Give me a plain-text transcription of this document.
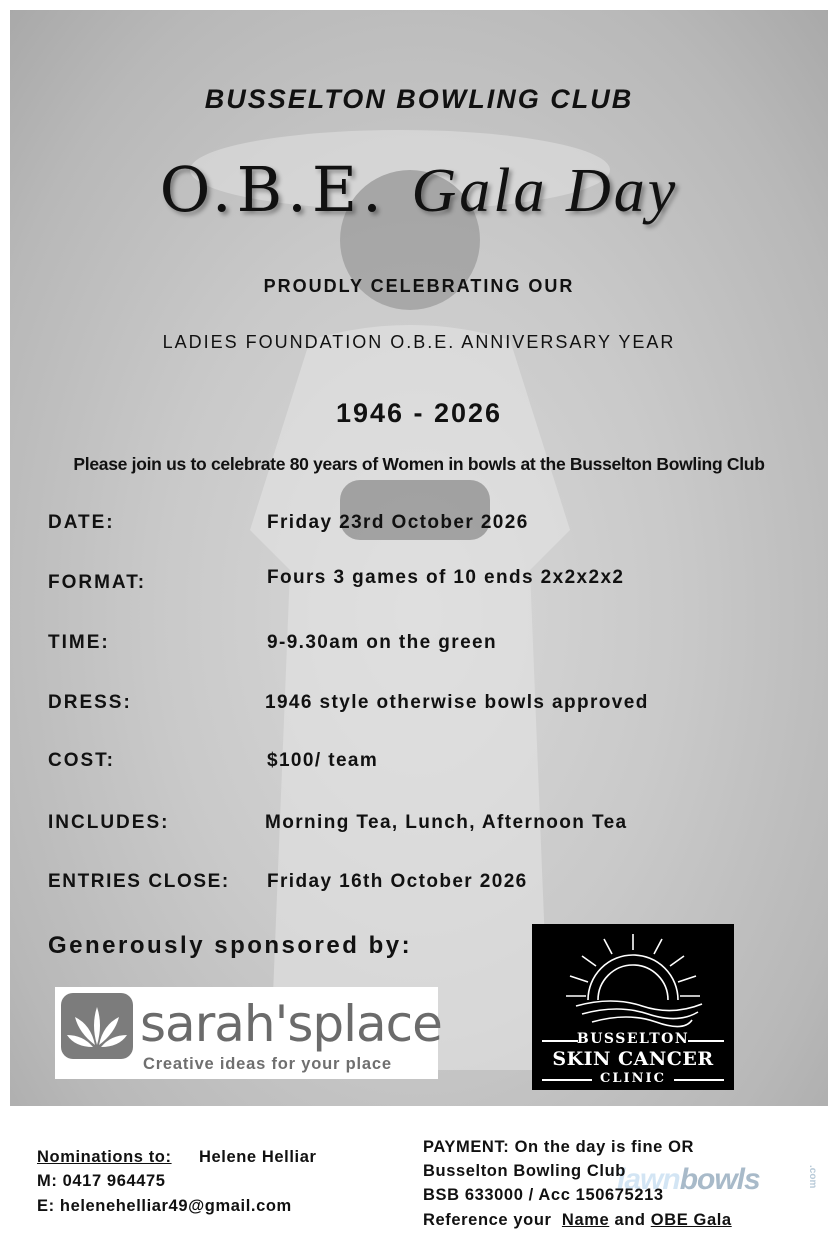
BUSSELTON BOWLING CLUB
O.B.E. Gala Day
PROUDLY CELEBRATING OUR
LADIES FOUNDATION O.B.E. ANNIVERSARY YEAR
1946 - 2026
Please join us to celebrate 80 years of Women in bowls at the Busselton Bowling Club
DATE:	Friday 23rd October 2026
FORMAT:	Fours 3 games of 10 ends 2x2x2x2
TIME:	9-9.30am on the green
DRESS:	1946 style otherwise bowls approved
COST:	$100/ team
INCLUDES:	Morning Tea, Lunch, Afternoon Tea
ENTRIES CLOSE: Friday 16th October 2026
Generously sponsored by:
sarah'splace
Creative ideas for your place
BUSSELTON
SKIN CANCER
CLINIC
lawnbowls	.com
Nominations to: Helene Helliar
M: 0417 964475
E: helenehelliar49@gmail.com
PAYMENT: On the day is fine OR
Busselton Bowling Club
BSB 633000 / Acc 150675213
Reference your Name and OBE Gala
